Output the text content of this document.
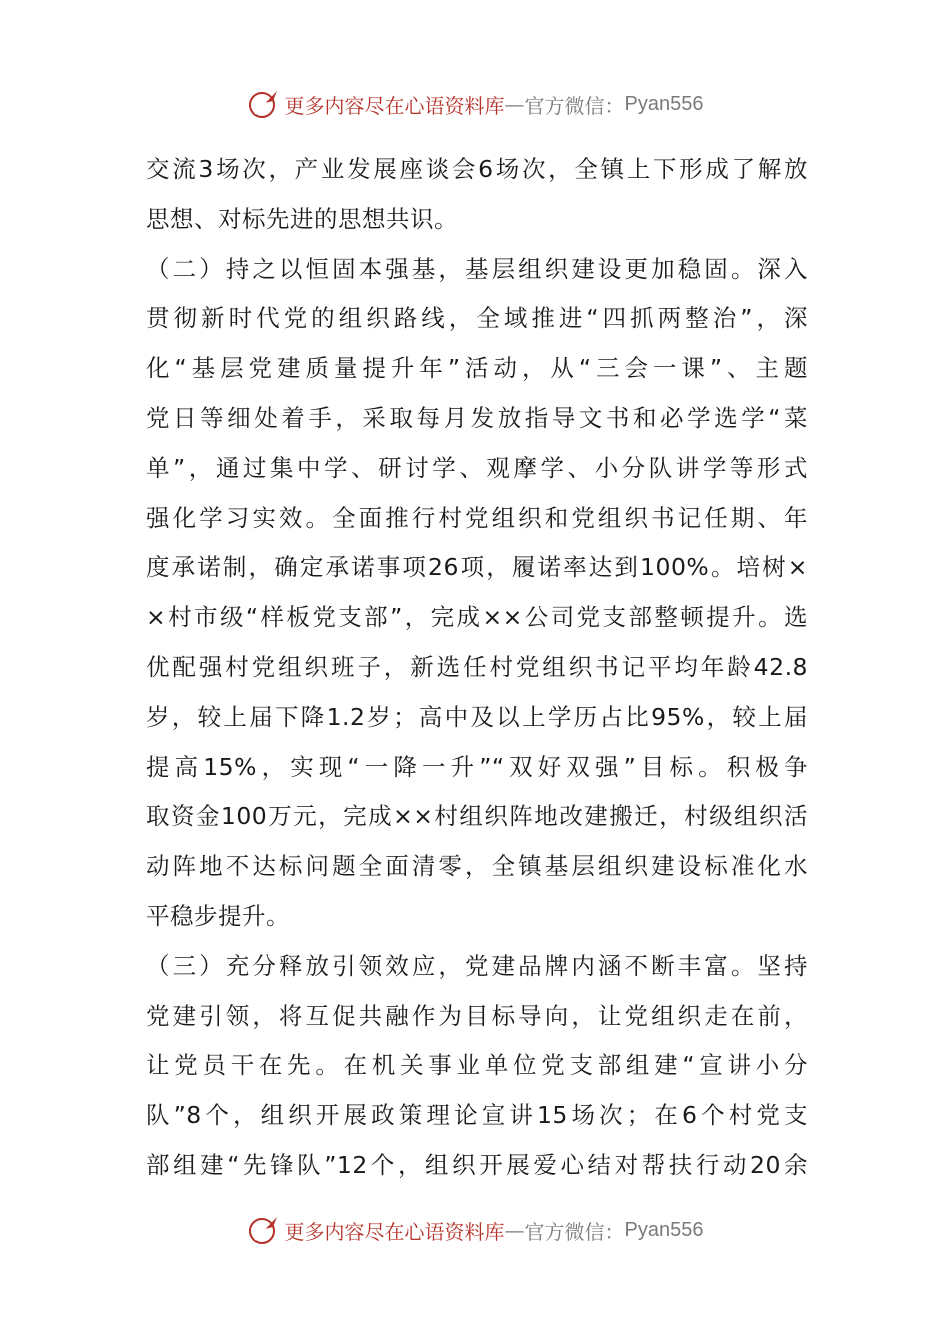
更多内容尽在心语资料库 — 官方微信： Pyan556
交流3场次，产业发展座谈会6场次，全镇上下形成了解放
思想、对标先进的思想共识。
（二）持之以恒固本强基，基层组织建设更加稳固。深入
贯彻新时代党的组织路线，全域推进“四抓两整治”，深
化“基层党建质量提升年”活动，从“三会一课”、主题
党日等细处着手，采取每月发放指导文书和必学选学“菜
单”，通过集中学、研讨学、观摩学、小分队讲学等形式
强化学习实效。全面推行村党组织和党组织书记任期、年
度承诺制，确定承诺事项26项，履诺率达到100%。培树×
×村市级“样板党支部”，完成××公司党支部整顿提升。选
优配强村党组织班子，新选任村党组织书记平均年龄42.8
岁，较上届下降1.2岁；高中及以上学历占比95%，较上届
提高15%，实现“一降一升”“双好双强”目标。积极争
取资金100万元，完成××村组织阵地改建搬迁，村级组织活
动阵地不达标问题全面清零，全镇基层组织建设标准化水
平稳步提升。
（三）充分释放引领效应，党建品牌内涵不断丰富。坚持
党建引领，将互促共融作为目标导向，让党组织走在前，
让党员干在先。在机关事业单位党支部组建“宣讲小分
队”8个，组织开展政策理论宣讲15场次；在6个村党支
部组建“先锋队”12个，组织开展爱心结对帮扶行动20余
更多内容尽在心语资料库 — 官方微信： Pyan556
